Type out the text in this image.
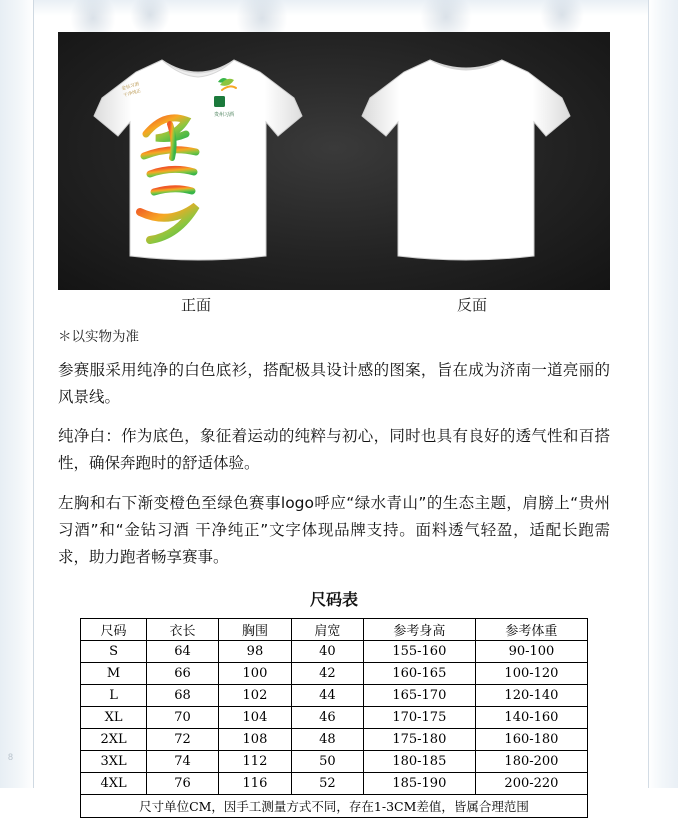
8
贵州习酒
金钻习酒
干净纯正
正面	反面
＊以实物为准
参赛服采用纯净的白色底衫，搭配极具设计感的图案，旨在成为济南一道亮丽的风景线。
纯净白：作为底色，象征着运动的纯粹与初心，同时也具有良好的透气性和百搭性，确保奔跑时的舒适体验。
左胸和右下渐变橙色至绿色赛事logo呼应“绿水青山”的生态主题，肩膀上“贵州习酒”和“金钻习酒 干净纯正”文字体现品牌支持。面料透气轻盈，适配长跑需求，助力跑者畅享赛事。
尺码表
尺码	衣长	胸围	肩宽	参考身高	参考体重
S	64	98	40	155-160	90-100
M	66	100	42	160-165	100-120
L	68	102	44	165-170	120-140
XL	70	104	46	170-175	140-160
2XL	72	108	48	175-180	160-180
3XL	74	112	50	180-185	180-200
4XL	76	116	52	185-190	200-220
尺寸单位CM，因手工测量方式不同，存在1-3CM差值，皆属合理范围					
